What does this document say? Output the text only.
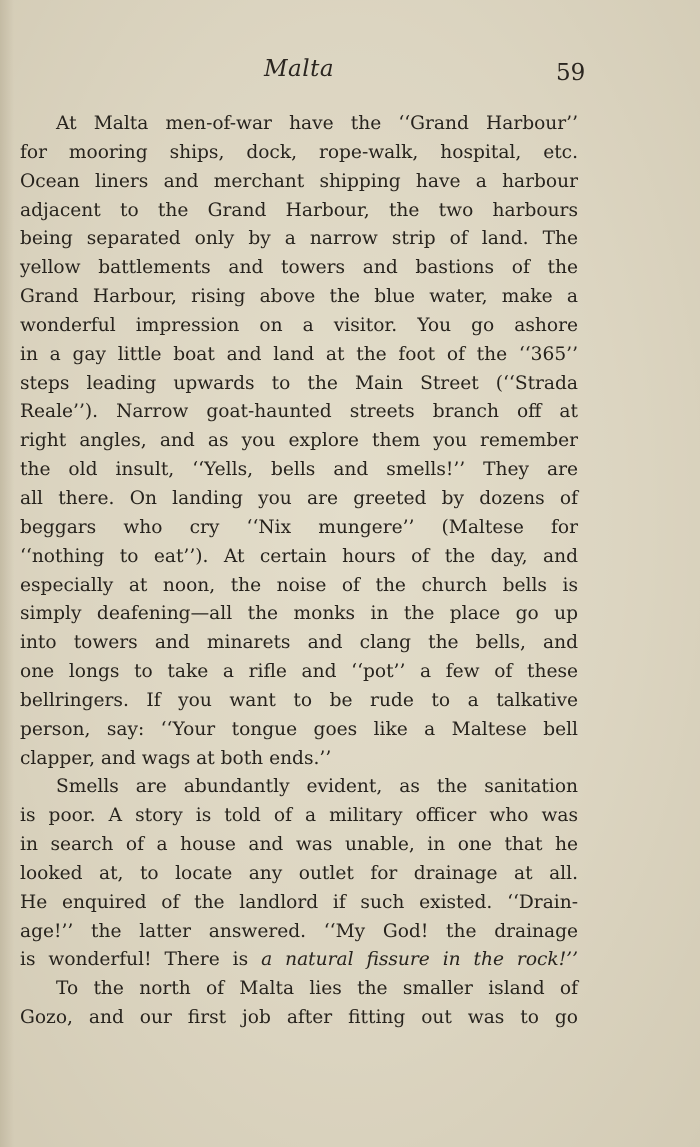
Malta	59
At Malta men-of-war have the ‘‘Grand Harbour’’
for mooring ships, dock, rope-walk, hospital, etc.
Ocean liners and merchant shipping have a harbour
adjacent to the Grand Harbour, the two harbours
being separated only by a narrow strip of land. The
yellow battlements and towers and bastions of the
Grand Harbour, rising above the blue water, make a
wonderful impression on a visitor. You go ashore
in a gay little boat and land at the foot of the ‘‘365’’
steps leading upwards to the Main Street (‘‘Strada
Reale’’). Narrow goat-haunted streets branch off at
right angles, and as you explore them you remember
the old insult, ‘‘Yells, bells and smells!’’ They are
all there. On landing you are greeted by dozens of
beggars who cry ‘‘Nix mungere’’ (Maltese for
‘‘nothing to eat’’). At certain hours of the day, and
especially at noon, the noise of the church bells is
simply deafening—all the monks in the place go up
into towers and minarets and clang the bells, and
one longs to take a rifle and ‘‘pot’’ a few of these
bellringers. If you want to be rude to a talkative
person, say: ‘‘Your tongue goes like a Maltese bell
clapper, and wags at both ends.’’
Smells are abundantly evident, as the sanitation
is poor. A story is told of a military officer who was
in search of a house and was unable, in one that he
looked at, to locate any outlet for drainage at all.
He enquired of the landlord if such existed. ‘‘Drain-
age!’’ the latter answered. ‘‘My God! the drainage
is wonderful! There is a natural fissure in the rock!’’
To the north of Malta lies the smaller island of
Gozo, and our first job after fitting out was to go
